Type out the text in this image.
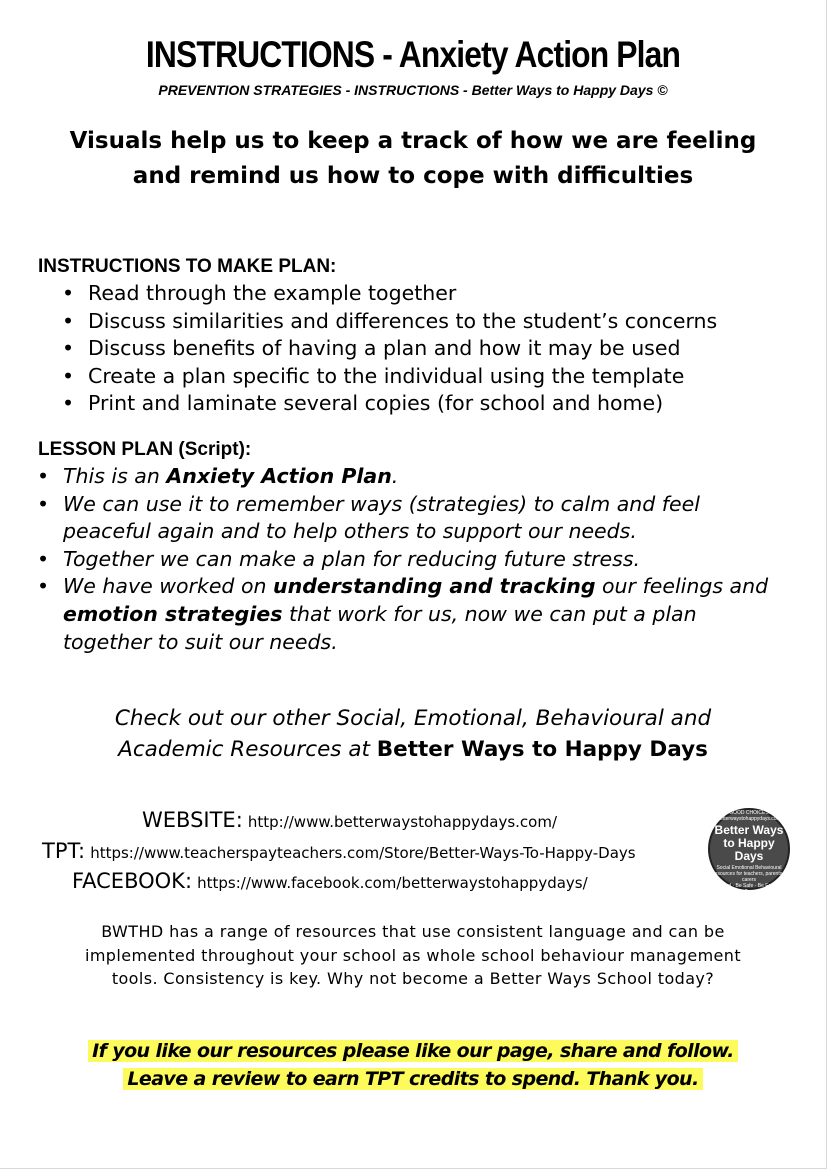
INSTRUCTIONS - Anxiety Action Plan
PREVENTION STRATEGIES - INSTRUCTIONS - Better Ways to Happy Days ©
Visuals help us to keep a track of how we are feeling
and remind us how to cope with difficulties
INSTRUCTIONS TO MAKE PLAN:
• Read through the example together
• Discuss similarities and differences to the student’s concerns
• Discuss benefits of having a plan and how it may be used
• Create a plan specific to the individual using the template
• Print and laminate several copies (for school and home)
LESSON PLAN (Script):
• This is an Anxiety Action Plan.
• We can use it to remember ways (strategies) to calm and feel peaceful again and to help others to support our needs.
• Together we can make a plan for reducing future stress.
• We have worked on understanding and tracking our feelings and emotion strategies that work for us, now we can put a plan together to suit our needs.
Check out our other Social, Emotional, Behavioural and
Academic Resources at Better Ways to Happy Days
WEBSITE: http://www.betterwaystohappydays.com/
TPT: https://www.teacherspayteachers.com/Store/Better-Ways-To-Happy-Days
FACEBOOK: https://www.facebook.com/betterwaystohappydays/
Teaching better ways to make GOOD CHOICES
betterwaystohappydays.com
Better Ways
to Happy Days
Social Emotional Behavioural Resources for teachers, parents & carers
Be Kind · Be Safe · Be Fair · Be Fun
BWTHD has a range of resources that use consistent language and can be
implemented throughout your school as whole school behaviour management
tools. Consistency is key. Why not become a Better Ways School today?
If you like our resources please like our page, share and follow.
Leave a review to earn TPT credits to spend. Thank you.
